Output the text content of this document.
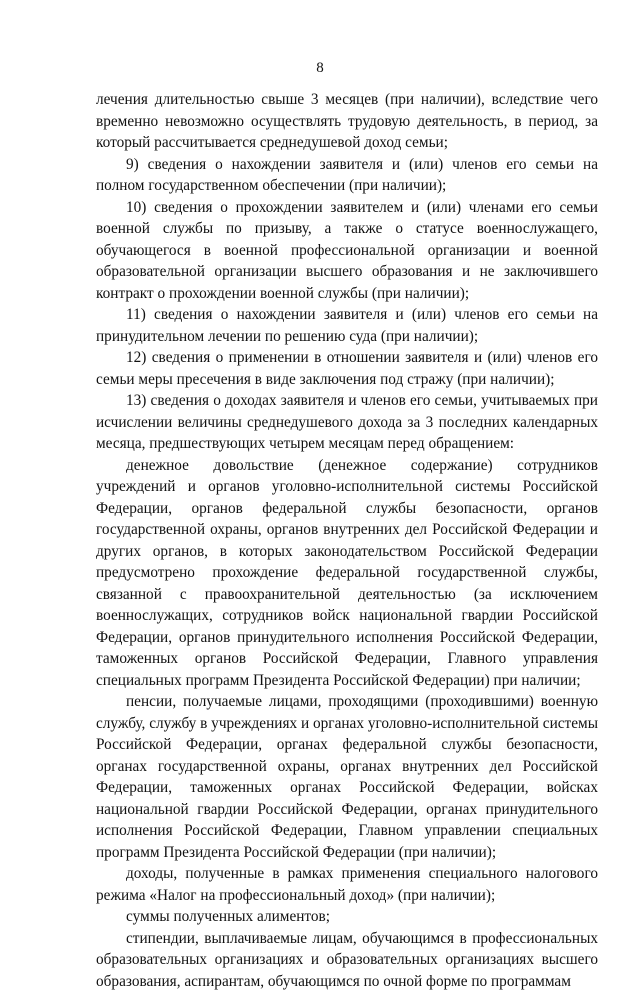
8

лечения длительностью свыше 3 месяцев (при наличии), вследствие чего временно невозможно осуществлять трудовую деятельность, в период, за который рассчитывается среднедушевой доход семьи;

9) сведения о нахождении заявителя и (или) членов его семьи на полном государственном обеспечении (при наличии);

10) сведения о прохождении заявителем и (или) членами его семьи военной службы по призыву, а также о статусе военнослужащего, обучающегося в военной профессиональной организации и военной образовательной организации высшего образования и не заключившего контракт о прохождении военной службы (при наличии);

11) сведения о нахождении заявителя и (или) членов его семьи на принудительном лечении по решению суда (при наличии);

12) сведения о применении в отношении заявителя и (или) членов его семьи меры пресечения в виде заключения под стражу (при наличии);

13) сведения о доходах заявителя и членов его семьи, учитываемых при исчислении величины среднедушевого дохода за 3 последних календарных месяца, предшествующих четырем месяцам перед обращением:

денежное довольствие (денежное содержание) сотрудников учреждений и органов уголовно-исполнительной системы Российской Федерации, органов федеральной службы безопасности, органов государственной охраны, органов внутренних дел Российской Федерации и других органов, в которых законодательством Российской Федерации предусмотрено прохождение федеральной государственной службы, связанной с правоохранительной деятельностью (за исключением военнослужащих, сотрудников войск национальной гвардии Российской Федерации, органов принудительного исполнения Российской Федерации, таможенных органов Российской Федерации, Главного управления специальных программ Президента Российской Федерации) при наличии;

пенсии, получаемые лицами, проходящими (проходившими) военную службу, службу в учреждениях и органах уголовно-исполнительной системы Российской Федерации, органах федеральной службы безопасности, органах государственной охраны, органах внутренних дел Российской Федерации, таможенных органах Российской Федерации, войсках национальной гвардии Российской Федерации, органах принудительного исполнения Российской Федерации, Главном управлении специальных программ Президента Российской Федерации (при наличии);

доходы, полученные в рамках применения специального налогового режима «Налог на профессиональный доход» (при наличии);

суммы полученных алиментов;

стипендии, выплачиваемые лицам, обучающимся в профессиональных образовательных организациях и образовательных организациях высшего образования, аспирантам, обучающимся по очной форме по программам
